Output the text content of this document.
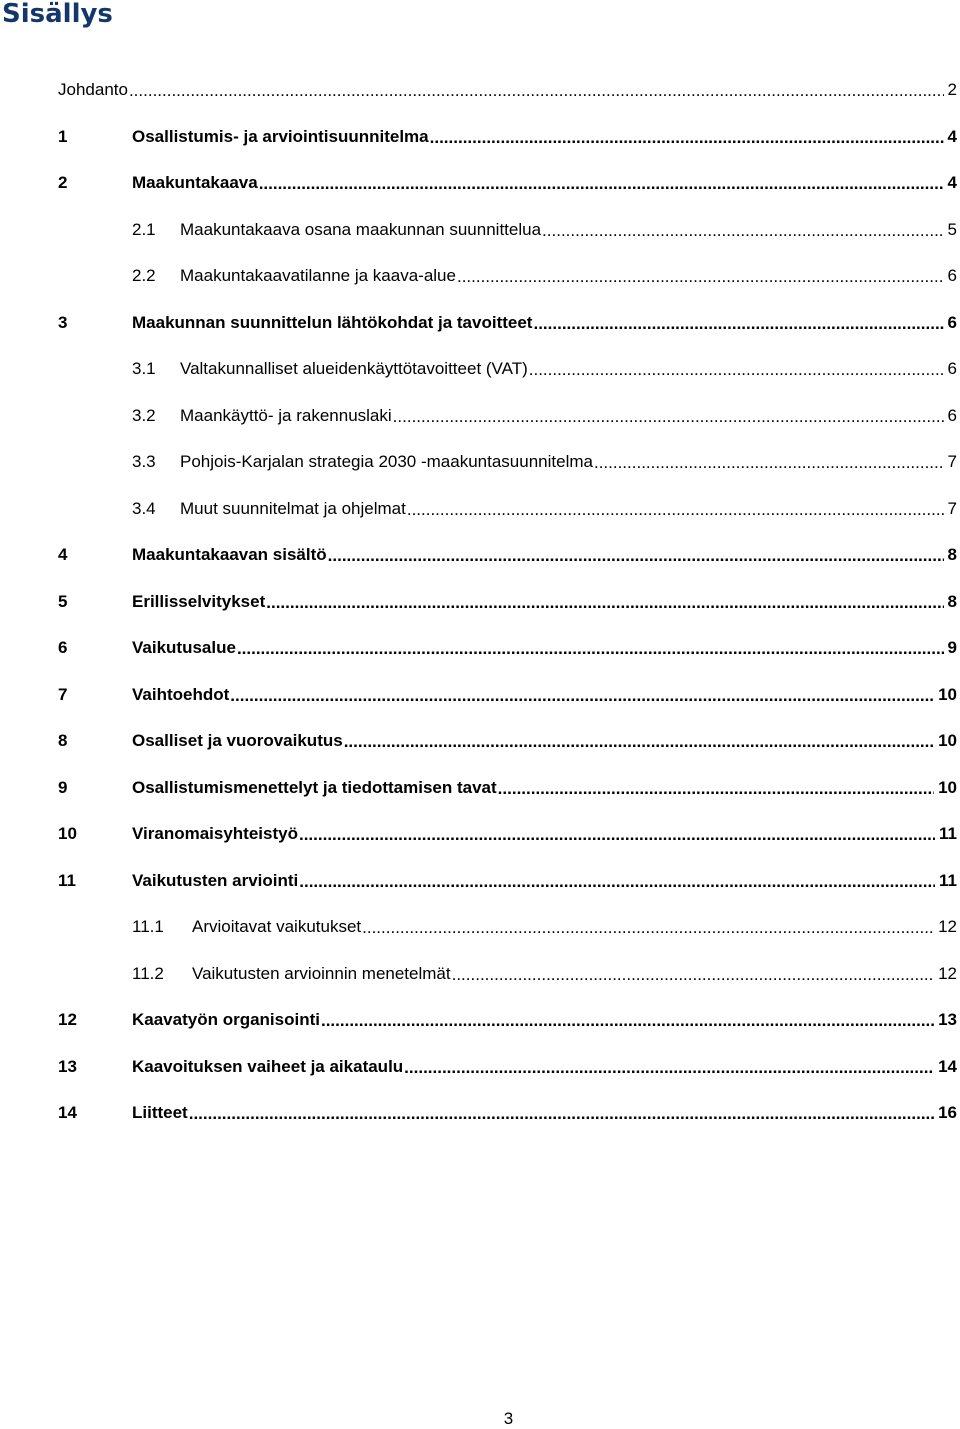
Sisällys
Johdanto .....	2
1	Osallistumis- ja arviointisuunnitelma .....	4
2	Maakuntakaava .....	4
2.1	Maakuntakaava osana maakunnan suunnittelua .....	5
2.2	Maakuntakaavatilanne ja kaava-alue .....	6
3	Maakunnan suunnittelun lähtökohdat ja tavoitteet .....	6
3.1	Valtakunnalliset alueidenkäyttötavoitteet (VAT) .....	6
3.2	Maankäyttö- ja rakennuslaki .....	6
3.3	Pohjois-Karjalan strategia 2030 -maakuntasuunnitelma .....	7
3.4	Muut suunnitelmat ja ohjelmat .....	7
4	Maakuntakaavan sisältö .....	8
5	Erillisselvitykset .....	8
6	Vaikutusalue .....	9
7	Vaihtoehdot .....	10
8	Osalliset ja vuorovaikutus .....	10
9	Osallistumismenettelyt ja tiedottamisen tavat .....	10
10	Viranomaisyhteistyö .....	11
11	Vaikutusten arviointi .....	11
11.1	Arvioitavat vaikutukset .....	12
11.2	Vaikutusten arvioinnin menetelmät .....	12
12	Kaavatyön organisointi .....	13
13	Kaavoituksen vaiheet ja aikataulu .....	14
14	Liitteet .....	16
3
